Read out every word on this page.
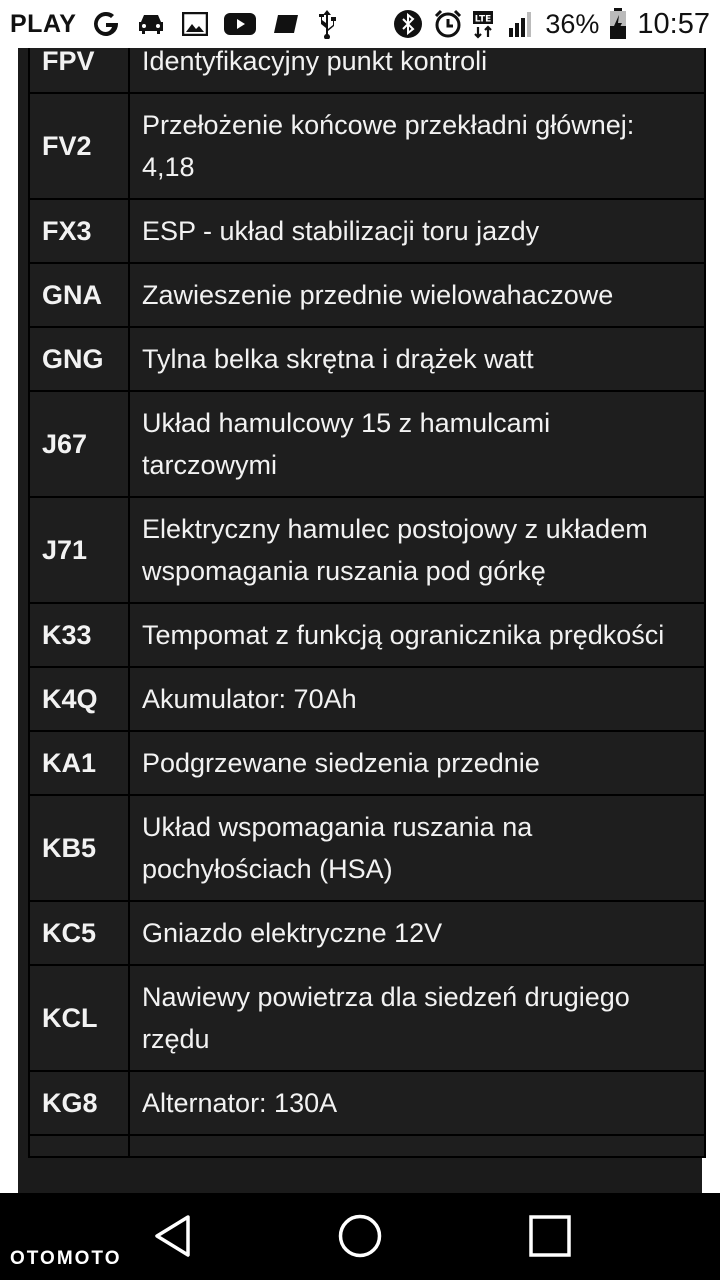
PLAY	LTE 36% 10:57
FPV	Identyfikacyjny punkt kontroli
FV2	Przełożenie końcowe przekładni głównej: 4,18
FX3	ESP - układ stabilizacji toru jazdy
GNA	Zawieszenie przednie wielowahaczowe
GNG	Tylna belka skrętna i drążek watt
J67	Układ hamulcowy 15 z hamulcami tarczowymi
J71	Elektryczny hamulec postojowy z układem wspomagania ruszania pod górkę
K33	Tempomat z funkcją ogranicznika prędkości
K4Q	Akumulator: 70Ah
KA1	Podgrzewane siedzenia przednie
KB5	Układ wspomagania ruszania na pochyłościach (HSA)
KC5	Gniazdo elektryczne 12V
KCL	Nawiewy powietrza dla siedzeń drugiego rzędu
KG8	Alternator: 130A

OTOMOTO
